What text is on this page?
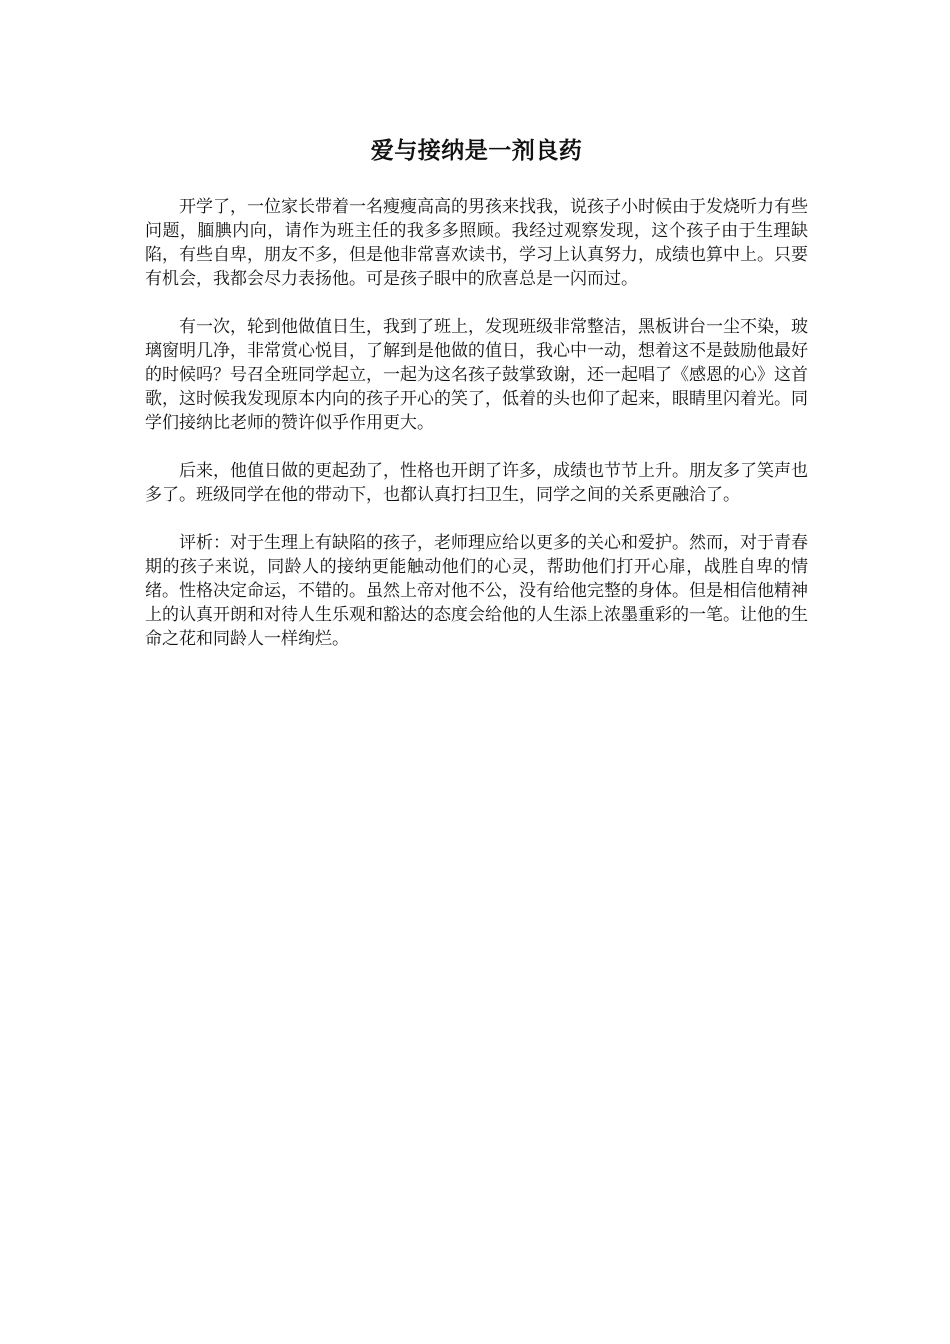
爱与接纳是一剂良药

开学了，一位家长带着一名瘦瘦高高的男孩来找我，说孩子小时候由于发烧听力有些问题，腼腆内向，请作为班主任的我多多照顾。我经过观察发现，这个孩子由于生理缺陷，有些自卑，朋友不多，但是他非常喜欢读书，学习上认真努力，成绩也算中上。只要有机会，我都会尽力表扬他。可是孩子眼中的欣喜总是一闪而过。

有一次，轮到他做值日生，我到了班上，发现班级非常整洁，黑板讲台一尘不染，玻璃窗明几净，非常赏心悦目，了解到是他做的值日，我心中一动，想着这不是鼓励他最好的时候吗？号召全班同学起立，一起为这名孩子鼓掌致谢，还一起唱了《感恩的心》这首歌，这时候我发现原本内向的孩子开心的笑了，低着的头也仰了起来，眼睛里闪着光。同学们接纳比老师的赞许似乎作用更大。

后来，他值日做的更起劲了，性格也开朗了许多，成绩也节节上升。朋友多了笑声也多了。班级同学在他的带动下，也都认真打扫卫生，同学之间的关系更融洽了。

评析：对于生理上有缺陷的孩子，老师理应给以更多的关心和爱护。然而，对于青春期的孩子来说，同龄人的接纳更能触动他们的心灵，帮助他们打开心扉，战胜自卑的情绪。性格决定命运，不错的。虽然上帝对他不公，没有给他完整的身体。但是相信他精神上的认真开朗和对待人生乐观和豁达的态度会给他的人生添上浓墨重彩的一笔。让他的生命之花和同龄人一样绚烂。
